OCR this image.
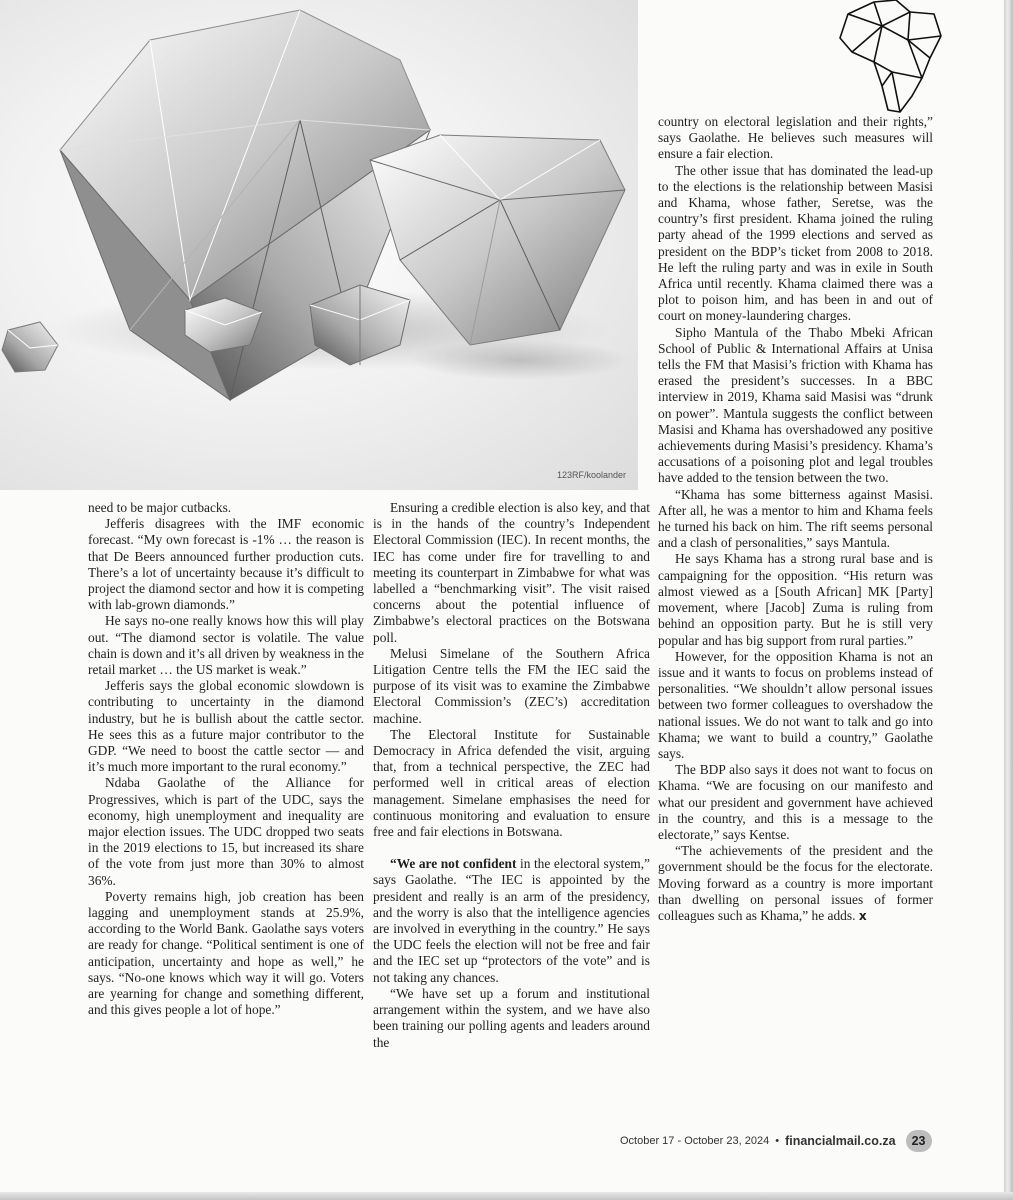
123RF/koolander

need to be major cutbacks.

Jefferis disagrees with the IMF economic forecast. “My own forecast is -1% … the reason is that De Beers announced further production cuts. There’s a lot of uncertainty because it’s difficult to project the diamond sector and how it is competing with lab-grown diamonds.”

He says no-one really knows how this will play out. “The diamond sector is volatile. The value chain is down and it’s all driven by weakness in the retail market … the US market is weak.”

Jefferis says the global economic slowdown is contributing to uncertainty in the diamond industry, but he is bullish about the cattle sector. He sees this as a future major contributor to the GDP. “We need to boost the cattle sector — and it’s much more important to the rural economy.”

Ndaba Gaolathe of the Alliance for Progressives, which is part of the UDC, says the economy, high unemployment and inequality are major election issues. The UDC dropped two seats in the 2019 elections to 15, but increased its share of the vote from just more than 30% to almost 36%.

Poverty remains high, job creation has been lagging and unemployment stands at 25.9%, according to the World Bank. Gaolathe says voters are ready for change. “Political sentiment is one of anticipation, uncertainty and hope as well,” he says. “No-one knows which way it will go. Voters are yearning for change and something different, and this gives people a lot of hope.”

Ensuring a credible election is also key, and that is in the hands of the country’s Independent Electoral Commission (IEC). In recent months, the IEC has come under fire for travelling to and meeting its counterpart in Zimbabwe for what was labelled a “benchmarking visit”. The visit raised concerns about the potential influence of Zimbabwe’s electoral practices on the Botswana poll.

Melusi Simelane of the Southern Africa Litigation Centre tells the FM the IEC said the purpose of its visit was to examine the Zimbabwe Electoral Commission’s (ZEC’s) accreditation machine.

The Electoral Institute for Sustainable Democracy in Africa defended the visit, arguing that, from a technical perspective, the ZEC had performed well in critical areas of election management. Simelane emphasises the need for continuous monitoring and evaluation to ensure free and fair elections in Botswana.

“We are not confident in the electoral system,” says Gaolathe. “The IEC is appointed by the president and really is an arm of the presidency, and the worry is also that the intelligence agencies are involved in everything in the country.” He says the UDC feels the election will not be free and fair and the IEC set up “protectors of the vote” and is not taking any chances.

“We have set up a forum and institutional arrangement within the system, and we have also been training our polling agents and leaders around the

country on electoral legislation and their rights,” says Gaolathe. He believes such measures will ensure a fair election.

The other issue that has dominated the lead-up to the elections is the relationship between Masisi and Khama, whose father, Seretse, was the country’s first president. Khama joined the ruling party ahead of the 1999 elections and served as president on the BDP’s ticket from 2008 to 2018. He left the ruling party and was in exile in South Africa until recently. Khama claimed there was a plot to poison him, and has been in and out of court on money-laundering charges.

Sipho Mantula of the Thabo Mbeki African School of Public & International Affairs at Unisa tells the FM that Masisi’s friction with Khama has erased the president’s successes. In a BBC interview in 2019, Khama said Masisi was “drunk on power”. Mantula suggests the conflict between Masisi and Khama has overshadowed any positive achievements during Masisi’s presidency. Khama’s accusations of a poisoning plot and legal troubles have added to the tension between the two.

“Khama has some bitterness against Masisi. After all, he was a mentor to him and Khama feels he turned his back on him. The rift seems personal and a clash of personalities,” says Mantula.

He says Khama has a strong rural base and is campaigning for the opposition. “His return was almost viewed as a [South African] MK [Party] movement, where [Jacob] Zuma is ruling from behind an opposition party. But he is still very popular and has big support from rural parties.”

However, for the opposition Khama is not an issue and it wants to focus on problems instead of personalities. “We shouldn’t allow personal issues between two former colleagues to overshadow the national issues. We do not want to talk and go into Khama; we want to build a country,” Gaolathe says.

The BDP also says it does not want to focus on Khama. “We are focusing on our manifesto and what our president and government have achieved in the country, and this is a message to the electorate,” says Kentse.

“The achievements of the president and the government should be the focus for the electorate. Moving forward as a country is more important than dwelling on personal issues of former colleagues such as Khama,” he adds. x

October 17 - October 23, 2024 • financialmail.co.za	23
